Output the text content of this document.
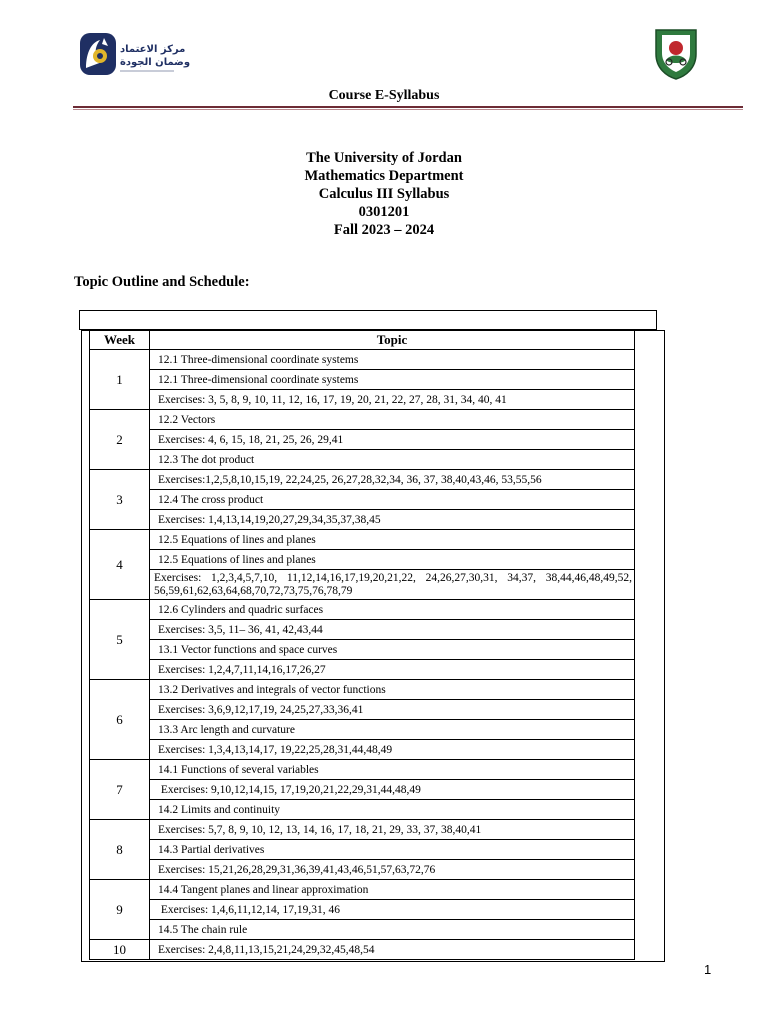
مركز الاعتماد
وضمان الجودة
Course E-Syllabus
The University of Jordan
Mathematics Department
Calculus III Syllabus
0301201
Fall 2023 – 2024
Topic Outline and Schedule:
Week	Topic
1	12.1 Three-dimensional coordinate systems
	12.1 Three-dimensional coordinate systems
	Exercises: 3, 5, 8, 9, 10, 11, 12, 16, 17, 19, 20, 21, 22, 27, 28, 31, 34, 40, 41
2	12.2 Vectors
	Exercises: 4, 6, 15, 18, 21, 25, 26, 29,41
	12.3 The dot product
3	Exercises:1,2,5,8,10,15,19, 22,24,25, 26,27,28,32,34, 36, 37, 38,40,43,46, 53,55,56
	12.4 The cross product
	Exercises: 1,4,13,14,19,20,27,29,34,35,37,38,45
4	12.5 Equations of lines and planes
	12.5 Equations of lines and planes
	Exercises: 1,2,3,4,5,7,10, 11,12,14,16,17,19,20,21,22, 24,26,27,30,31, 34,37, 38,44,46,48,49,52, 56,59,61,62,63,64,68,70,72,73,75,76,78,79
5	12.6 Cylinders and quadric surfaces
	Exercises: 3,5, 11– 36, 41, 42,43,44
	13.1 Vector functions and space curves
	Exercises: 1,2,4,7,11,14,16,17,26,27
6	13.2 Derivatives and integrals of vector functions
	Exercises: 3,6,9,12,17,19, 24,25,27,33,36,41
	13.3 Arc length and curvature
	Exercises: 1,3,4,13,14,17, 19,22,25,28,31,44,48,49
7	14.1 Functions of several variables
	Exercises: 9,10,12,14,15, 17,19,20,21,22,29,31,44,48,49
	14.2 Limits and continuity
8	Exercises: 5,7, 8, 9, 10, 12, 13, 14, 16, 17, 18, 21, 29, 33, 37, 38,40,41
	14.3 Partial derivatives
	Exercises: 15,21,26,28,29,31,36,39,41,43,46,51,57,63,72,76
9	14.4 Tangent planes and linear approximation
	Exercises: 1,4,6,11,12,14, 17,19,31, 46
	14.5 The chain rule
10	Exercises: 2,4,8,11,13,15,21,24,29,32,45,48,54
1
